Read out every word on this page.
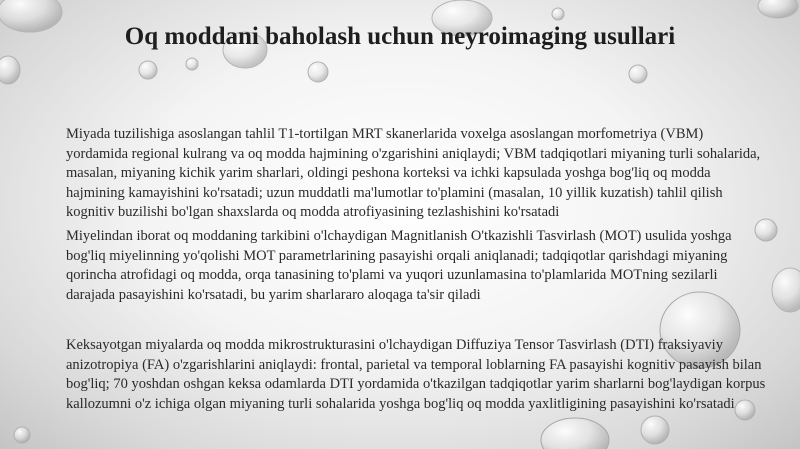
Oq moddani baholash uchun neyroimaging usullari

Miyada tuzilishiga asoslangan tahlil T1-tortilgan MRT skanerlarida voxelga asoslangan morfometriya (VBM) yordamida regional kulrang va oq modda hajmining o'zgarishini aniqlaydi; VBM tadqiqotlari miyaning turli sohalarida, masalan, miyaning kichik yarim sharlari, oldingi peshona korteksi va ichki kapsulada yoshga bog'liq oq modda hajmining kamayishini ko'rsatadi; uzun muddatli ma'lumotlar to'plamini (masalan, 10 yillik kuzatish) tahlil qilish kognitiv buzilishi bo'lgan shaxslarda oq modda atrofiyasining tezlashishini ko'rsatadi

Miyelindan iborat oq moddaning tarkibini o'lchaydigan Magnitlanish O'tkazishli Tasvirlash (MOT) usulida yoshga bog'liq miyelinning yo'qolishi MOT parametrlarining pasayishi orqali aniqlanadi; tadqiqotlar qarishdagi miyaning qorincha atrofidagi oq modda, orqa tanasining to'plami va yuqori uzunlamasina to'plamlarida MOTning sezilarli darajada pasayishini ko'rsatadi, bu yarim sharlararo aloqaga ta'sir qiladi

Keksayotgan miyalarda oq modda mikrostrukturasini o'lchaydigan Diffuziya Tensor Tasvirlash (DTI) fraksiyaviy anizotropiya (FA) o'zgarishlarini aniqlaydi: frontal, parietal va temporal loblarning FA pasayishi kognitiv pasayish bilan bog'liq; 70 yoshdan oshgan keksa odamlarda DTI yordamida o'tkazilgan tadqiqotlar yarim sharlarni bog'laydigan korpus kallozumni o'z ichiga olgan miyaning turli sohalarida yoshga bog'liq oq modda yaxlitligining pasayishini ko'rsatadi
